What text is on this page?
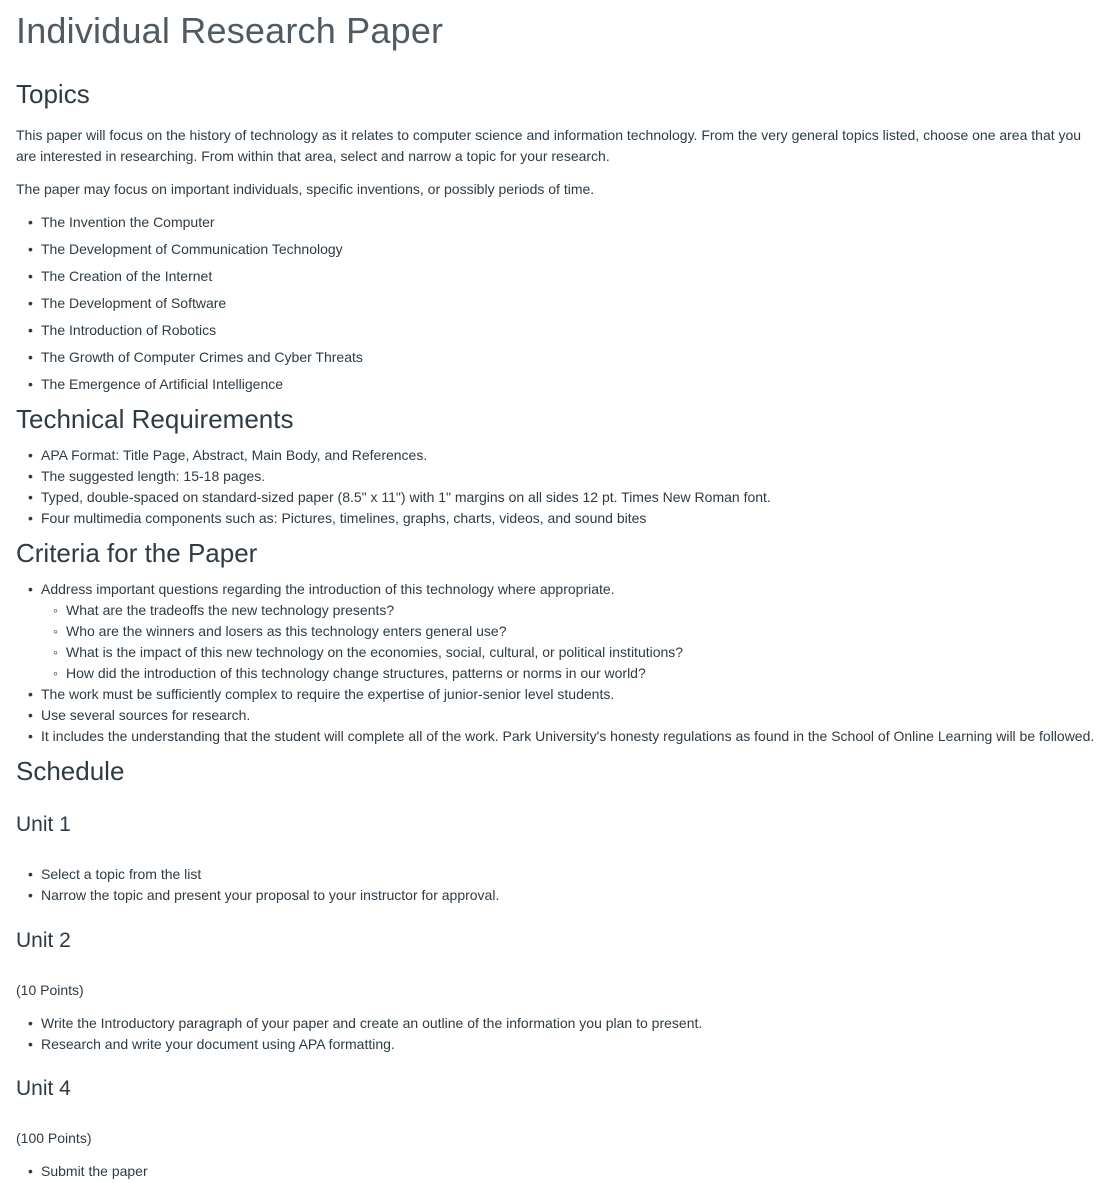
Individual Research Paper
Topics

This paper will focus on the history of technology as it relates to computer science and information technology. From the very general topics listed, choose one area that you are interested in researching. From within that area, select and narrow a topic for your research.

The paper may focus on important individuals, specific inventions, or possibly periods of time.

• The Invention the Computer
• The Development of Communication Technology
• The Creation of the Internet
• The Development of Software
• The Introduction of Robotics
• The Growth of Computer Crimes and Cyber Threats
• The Emergence of Artificial Intelligence
Technical Requirements
• APA Format: Title Page, Abstract, Main Body, and References.
• The suggested length: 15-18 pages.
• Typed, double-spaced on standard-sized paper (8.5" x 11") with 1" margins on all sides 12 pt. Times New Roman font.
• Four multimedia components such as: Pictures, timelines, graphs, charts, videos, and sound bites
Criteria for the Paper
• Address important questions regarding the introduction of this technology where appropriate.
◦ What are the tradeoffs the new technology presents?
◦ Who are the winners and losers as this technology enters general use?
◦ What is the impact of this new technology on the economies, social, cultural, or political institutions?
◦ How did the introduction of this technology change structures, patterns or norms in our world?
• The work must be sufficiently complex to require the expertise of junior-senior level students.
• Use several sources for research.
• It includes the understanding that the student will complete all of the work. Park University's honesty regulations as found in the School of Online Learning will be followed.
Schedule
Unit 1
• Select a topic from the list
• Narrow the topic and present your proposal to your instructor for approval.
Unit 2

(10 Points)

• Write the Introductory paragraph of your paper and create an outline of the information you plan to present.
• Research and write your document using APA formatting.
Unit 4

(100 Points)

• Submit the paper
